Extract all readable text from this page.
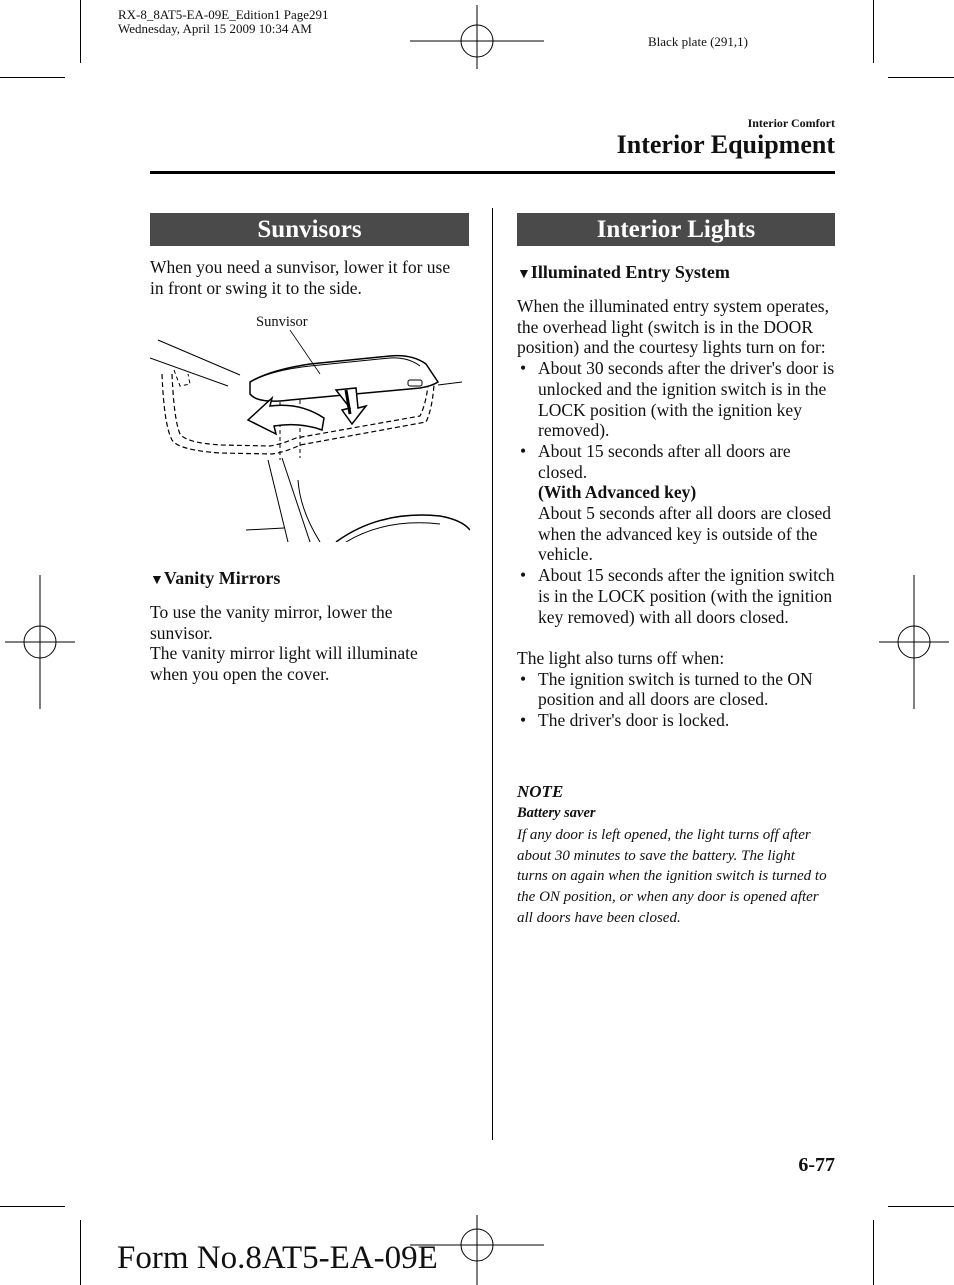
RX-8_8AT5-EA-09E_Edition1 Page291
Wednesday, April 15 2009 10:34 AM
Black plate (291,1)
Interior Comfort
Interior Equipment
Sunvisors
When you need a sunvisor, lower it for use in front or swing it to the side.
Sunvisor
▼Vanity Mirrors
To use the vanity mirror, lower the sunvisor.
The vanity mirror light will illuminate when you open the cover.
Interior Lights
▼Illuminated Entry System
When the illuminated entry system operates, the overhead light (switch is in the DOOR position) and the courtesy lights turn on for:
• About 30 seconds after the driver's door is unlocked and the ignition switch is in the LOCK position (with the ignition key removed).
• About 15 seconds after all doors are closed.
(With Advanced key)
About 5 seconds after all doors are closed when the advanced key is outside of the vehicle.
• About 15 seconds after the ignition switch is in the LOCK position (with the ignition key removed) with all doors closed.
The light also turns off when:
• The ignition switch is turned to the ON position and all doors are closed.
• The driver's door is locked.
NOTE
Battery saver
If any door is left opened, the light turns off after about 30 minutes to save the battery. The light turns on again when the ignition switch is turned to the ON position, or when any door is opened after all doors have been closed.
6-77
Form No.8AT5-EA-09E
